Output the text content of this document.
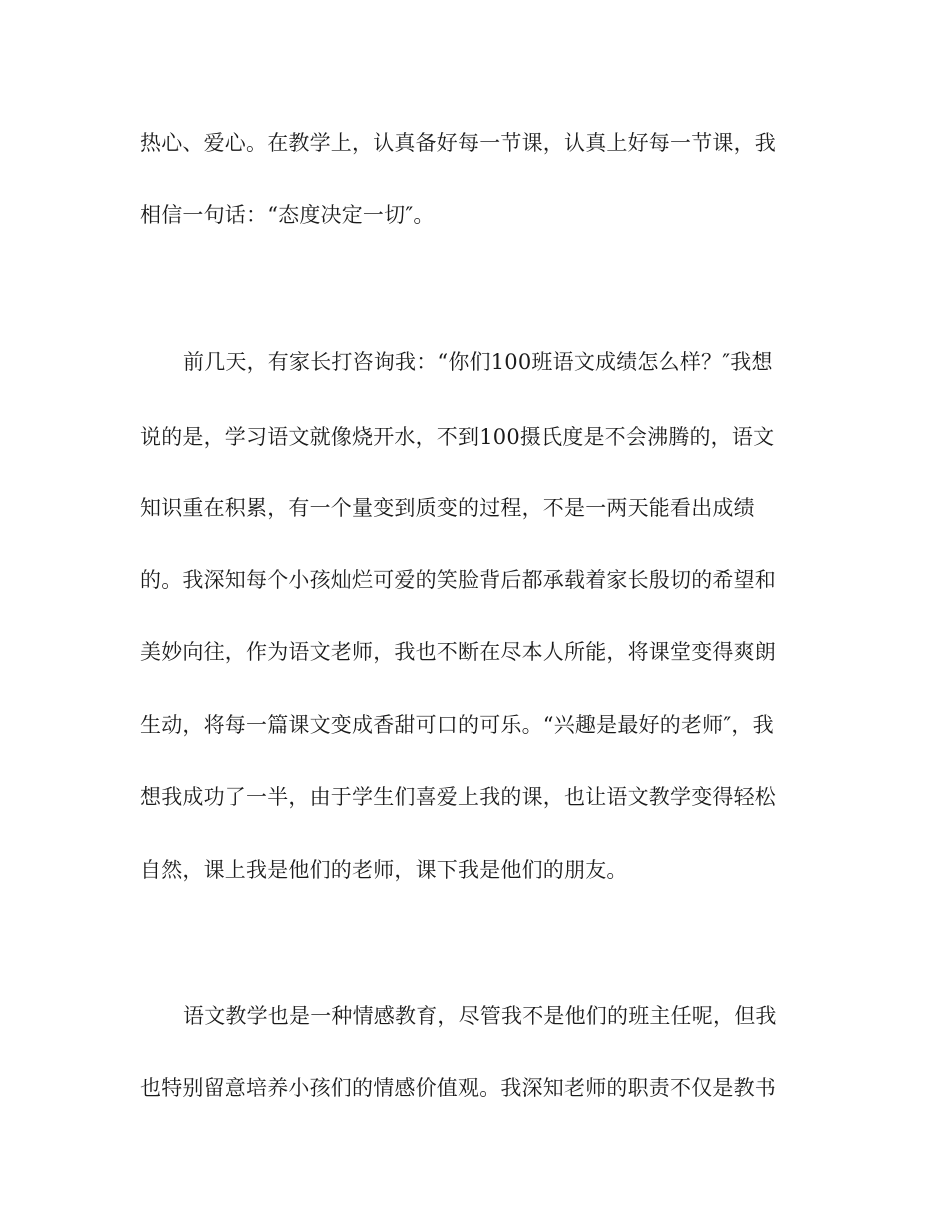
热心、爱心。在教学上，认真备好每一节课，认真上好每一节课，我
相信一句话：“态度决定一切″。
前几天，有家长打咨询我：“你们100班语文成绩怎么样？″我想
说的是，学习语文就像烧开水，不到100摄氏度是不会沸腾的，语文
知识重在积累，有一个量变到质变的过程，不是一两天能看出成绩
的。我深知每个小孩灿烂可爱的笑脸背后都承载着家长殷切的希望和
美妙向往，作为语文老师，我也不断在尽本人所能，将课堂变得爽朗
生动，将每一篇课文变成香甜可口的可乐。“兴趣是最好的老师″，我
想我成功了一半，由于学生们喜爱上我的课，也让语文教学变得轻松
自然，课上我是他们的老师，课下我是他们的朋友。
语文教学也是一种情感教育，尽管我不是他们的班主任呢，但我
也特别留意培养小孩们的情感价值观。我深知老师的职责不仅是教书
